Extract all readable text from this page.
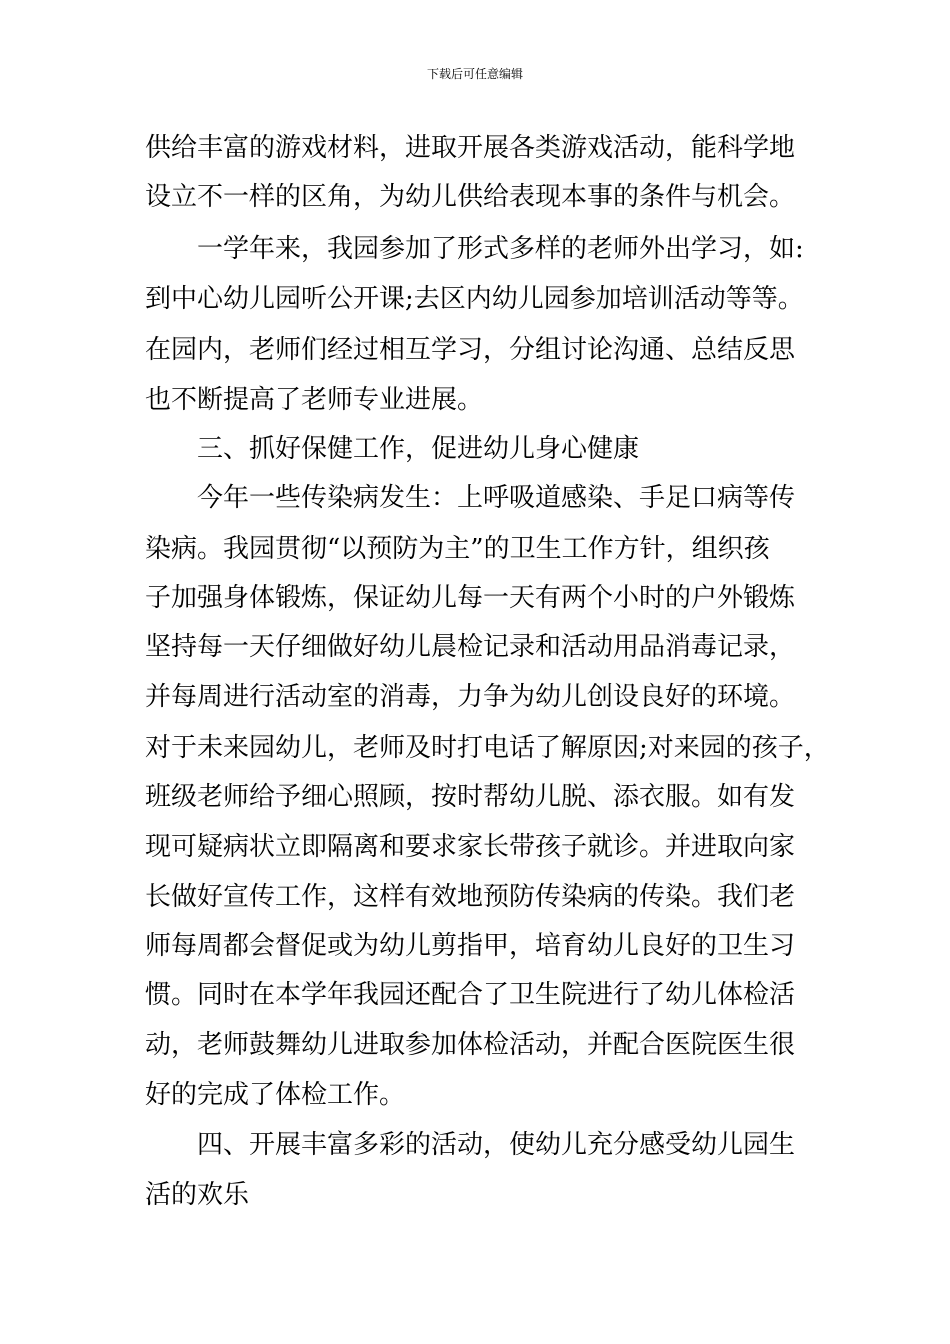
下载后可任意编辑
供给丰富的游戏材料，进取开展各类游戏活动，能科学地
设立不一样的区角，为幼儿供给表现本事的条件与机会。
一学年来，我园参加了形式多样的老师外出学习，如:
到中心幼儿园听公开课;去区内幼儿园参加培训活动等等。
在园内，老师们经过相互学习，分组讨论沟通、总结反思
也不断提高了老师专业进展。
三、抓好保健工作，促进幼儿身心健康
今年一些传染病发生：上呼吸道感染、手足口病等传
染病。我园贯彻“以预防为主”的卫生工作方针，组织孩
子加强身体锻炼，保证幼儿每一天有两个小时的户外锻炼
坚持每一天仔细做好幼儿晨检记录和活动用品消毒记录，
并每周进行活动室的消毒，力争为幼儿创设良好的环境。
对于未来园幼儿，老师及时打电话了解原因;对来园的孩子，
班级老师给予细心照顾，按时帮幼儿脱、添衣服。如有发
现可疑病状立即隔离和要求家长带孩子就诊。并进取向家
长做好宣传工作，这样有效地预防传染病的传染。我们老
师每周都会督促或为幼儿剪指甲，培育幼儿良好的卫生习
惯。同时在本学年我园还配合了卫生院进行了幼儿体检活
动，老师鼓舞幼儿进取参加体检活动，并配合医院医生很
好的完成了体检工作。
四、开展丰富多彩的活动，使幼儿充分感受幼儿园生
活的欢乐
